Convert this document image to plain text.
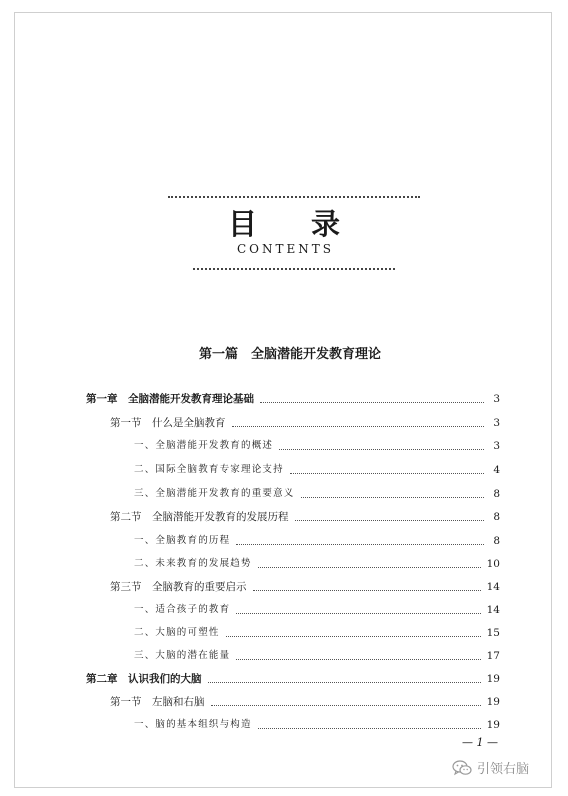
目 录
CONTENTS
第一篇　全脑潜能开发教育理论
第一章　全脑潜能开发教育理论基础	3
第一节　什么是全脑教育	3
一、全脑潜能开发教育的概述	3
二、国际全脑教育专家理论支持	4
三、全脑潜能开发教育的重要意义	8
第二节　全脑潜能开发教育的发展历程	8
一、全脑教育的历程	8
二、未来教育的发展趋势	10
第三节　全脑教育的重要启示	14
一、适合孩子的教育	14
二、大脑的可塑性	15
三、大脑的潜在能量	17
第二章　认识我们的大脑	19
第一节　左脑和右脑	19
一、脑的基本组织与构造	19
— 1 —
引领右脑
